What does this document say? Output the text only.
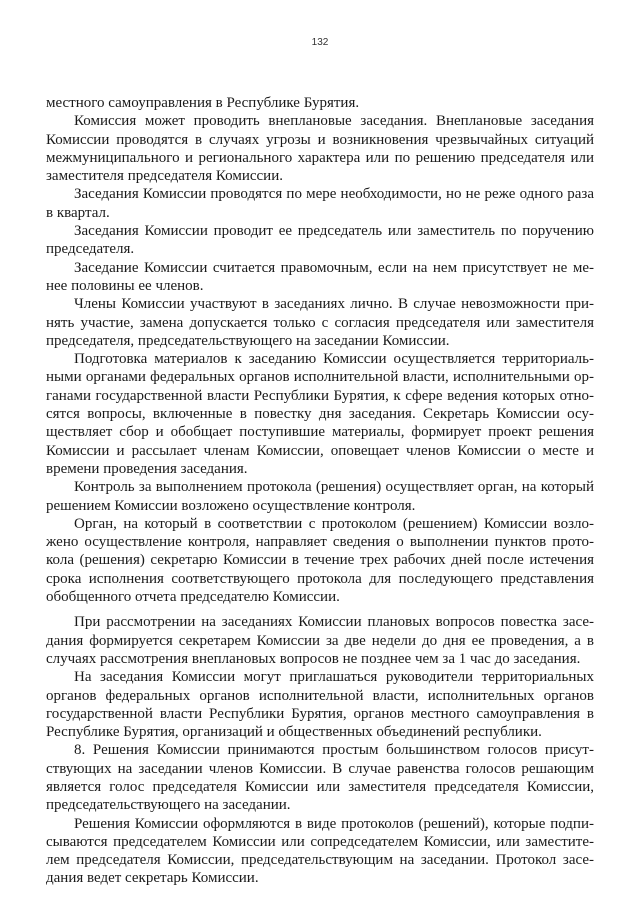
132

местного самоуправления в Республике Бурятия.

Комиссия может проводить внеплановые заседания. Внеплановые заседания Комиссии проводятся в случаях угрозы и возникновения чрезвычайных ситуаций межмуниципального и регионального характера или по решению председателя или заместителя председателя Комиссии.

Заседания Комиссии проводятся по мере необходимости, но не реже одного раза в квартал.

Заседания Комиссии проводит ее председатель или заместитель по поручению председателя.

Заседание Комиссии считается правомочным, если на нем присутствует не менее половины ее членов.

Члены Комиссии участвуют в заседаниях лично. В случае невозможности принять участие, замена допускается только с согласия председателя или заместителя председателя, председательствующего на заседании Комиссии.

Подготовка материалов к заседанию Комиссии осуществляется территориальными органами федеральных органов исполнительной власти, исполнительными органами государственной власти Республики Бурятия, к сфере ведения которых относятся вопросы, включенные в повестку дня заседания. Секретарь Комиссии осуществляет сбор и обобщает поступившие материалы, формирует проект решения Комиссии и рассылает членам Комиссии, оповещает членов Комиссии о месте и времени проведения заседания.

Контроль за выполнением протокола (решения) осуществляет орган, на который решением Комиссии возложено осуществление контроля.

Орган, на который в соответствии с протоколом (решением) Комиссии возложено осуществление контроля, направляет сведения о выполнении пунктов протокола (решения) секретарю Комиссии в течение трех рабочих дней после истечения срока исполнения соответствующего протокола для последующего представления обобщенного отчета председателю Комиссии.

При рассмотрении на заседаниях Комиссии плановых вопросов повестка заседания формируется секретарем Комиссии за две недели до дня ее проведения, а в случаях рассмотрения внеплановых вопросов не позднее чем за 1 час до заседания.

На заседания Комиссии могут приглашаться руководители территориальных органов федеральных органов исполнительной власти, исполнительных органов государственной власти Республики Бурятия, органов местного самоуправления в Республике Бурятия, организаций и общественных объединений республики.

8. Решения Комиссии принимаются простым большинством голосов присутствующих на заседании членов Комиссии. В случае равенства голосов решающим является голос председателя Комиссии или заместителя председателя Комиссии, председательствующего на заседании.

Решения Комиссии оформляются в виде протоколов (решений), которые подписываются председателем Комиссии или сопредседателем Комиссии, или заместителем председателя Комиссии, председательствующим на заседании. Протокол заседания ведет секретарь Комиссии.
